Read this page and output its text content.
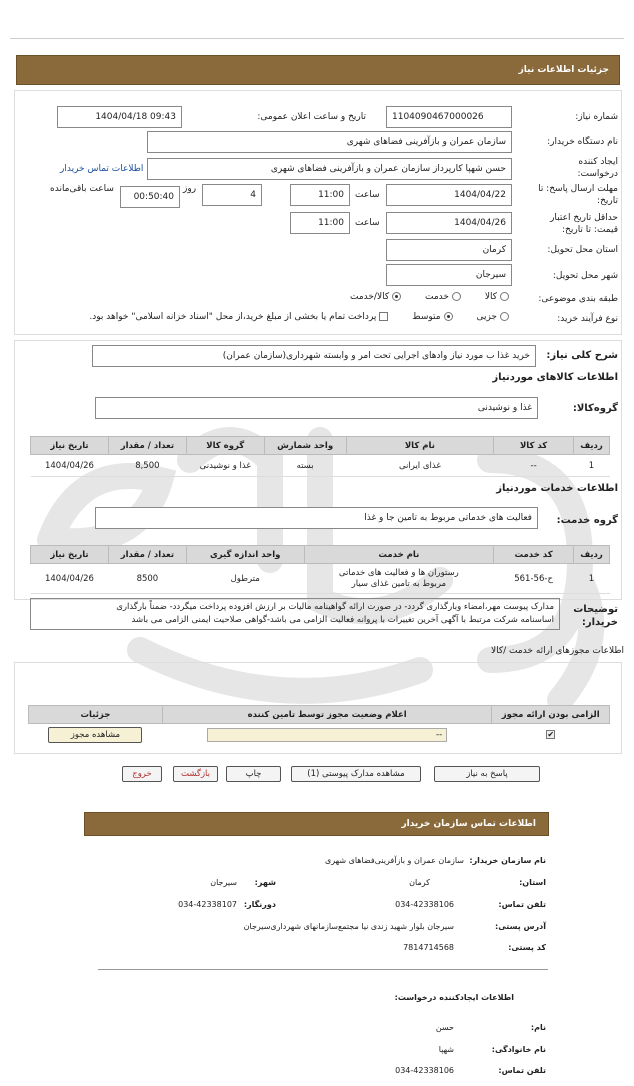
جزئیات اطلاعات نیاز
شماره نیاز:
1104090467000026
تاریخ و ساعت اعلان عمومی:
1404/04/18 09:43
نام دستگاه خریدار:
سازمان عمران و بازآفرینی فضاهای شهری
ایجاد کننده
درخواست:
حسن شهپا کارپرداز سازمان عمران و بازآفرینی فضاهای شهری
اطلاعات تماس خریدار
مهلت ارسال پاسخ: تا
تاریخ:
1404/04/22
ساعت
11:00
4
روز
00:50:40
ساعت باقی‌مانده
حداقل تاریخ اعتبار
قیمت: تا تاریخ:
1404/04/26
ساعت
11:00
استان محل تحویل:
کرمان
شهر محل تحویل:
سیرجان
طبقه بندی موضوعی:
کالا خدمت کالا/خدمت
نوع فرآیند خرید:
جزیی متوسط پرداخت تمام یا بخشی از مبلغ خرید،از محل "اسناد خزانه اسلامی" خواهد بود.
شرح کلی نیاز:
خرید غذا ب مورد نیاز وادهای اجرایی تحت امر و وابسته شهرداری(سازمان عمران)
اطلاعات کالاهای موردنیاز
گروه‌کالا:
غذا و نوشیدنی
ردیف	کد کالا	نام کالا	واحد شمارش	گروه کالا	تعداد / مقدار	تاریخ نیاز
1	--	غذای ایرانی	بسته	غذا و نوشیدنی	8,500	1404/04/26
اطلاعات خدمات موردنیاز
گروه خدمت:
فعالیت های خدماتی مربوط به تامین جا و غذا
ردیف	کد خدمت	نام خدمت	واحد اندازه گیری	تعداد / مقدار	تاریخ نیاز
1	ح-56-561	رستوران ها و فعالیت های خدماتی
مربوط به تامین غذای سیار	مترطول	8500	1404/04/26
توضیحات
خریدار:
مدارک پیوست مهر،امضاء وبارگذاری گردد- در صورت ارائه گواهینامه مالیات بر ارزش افزوده پرداخت میگردد- ضمناً بارگذاری
اساسنامه شرکت مرتبط با آگهی آخرین تغییرات با پروانه فعالیت الزامی می باشد-گواهی صلاحیت ایمنی الزامی می باشد
اطلاعات مجوزهای ارائه خدمت /کالا
الزامی بودن ارائه مجوز	اعلام وضعیت مجوز توسط تامین کننده	جزئیات
✔	--	مشاهده مجوز
پاسخ به نیاز
مشاهده مدارک پیوستی (1)
چاپ
بازگشت
خروج
اطلاعات تماس سازمان خریدار
نام سازمان خریدار:
سازمان عمران و بازآفرینی‌فضاهای شهری
استان:
کرمان
شهر:
سیرجان
تلفن تماس:
034-42338106
دورنگار:
034-42338107
آدرس پستی:
سیرجان بلوار شهید زندی نیا مجتمع‌سازمانهای شهرداری‌سیرجان
کد پستی:
7814714568
اطلاعات ایجادکننده درخواست:
نام:
حسن
نام خانوادگی:
شهپا
تلفن تماس:
034-42338106
